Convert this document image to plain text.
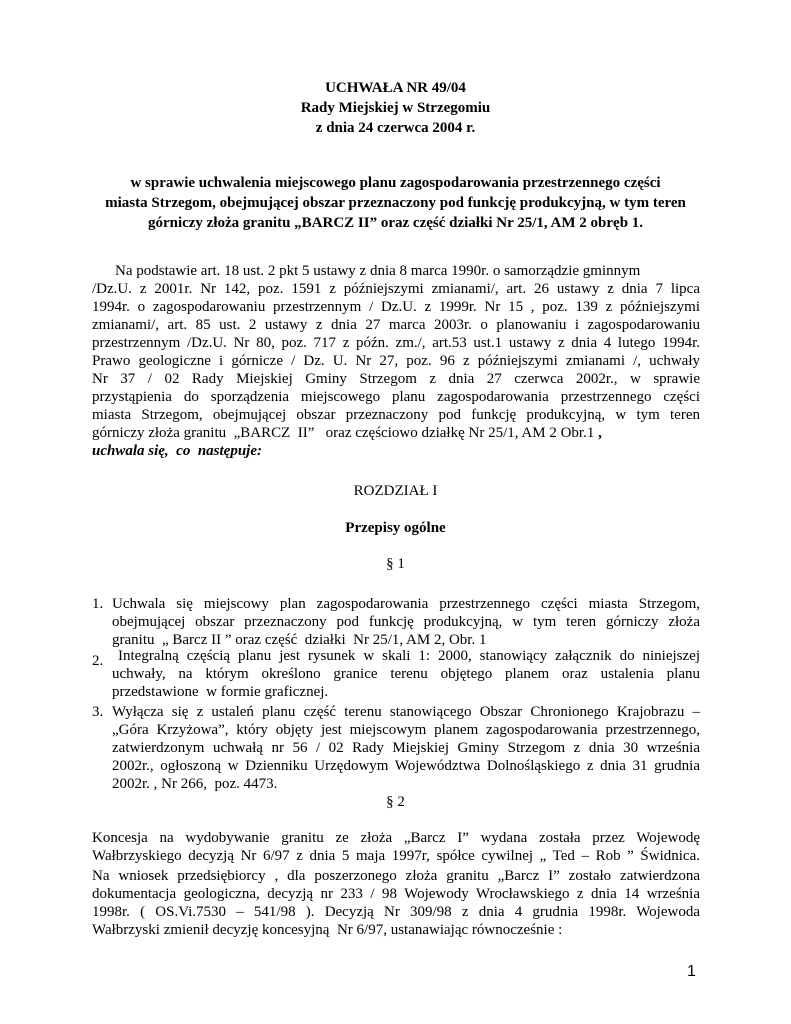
UCHWAŁA NR 49/04
Rady Miejskiej w Strzegomiu
z dnia 24 czerwca 2004 r.
w sprawie uchwalenia miejscowego planu zagospodarowania przestrzennego części
miasta Strzegom, obejmującej obszar przeznaczony pod funkcję produkcyjną, w tym teren
górniczy złoża granitu „BARCZ II” oraz część działki Nr 25/1, AM 2 obręb 1.
Na podstawie art. 18 ust. 2 pkt 5 ustawy z dnia 8 marca 1990r. o samorządzie gminnym
/Dz.U. z 2001r. Nr 142, poz. 1591 z późniejszymi zmianami/, art. 26 ustawy z dnia 7 lipca
1994r. o zagospodarowaniu przestrzennym / Dz.U. z 1999r. Nr 15 , poz. 139 z późniejszymi
zmianami/, art. 85 ust. 2 ustawy z dnia 27 marca 2003r. o planowaniu i zagospodarowaniu
przestrzennym /Dz.U. Nr 80, poz. 717 z późn. zm./, art.53 ust.1 ustawy z dnia 4 lutego 1994r.
Prawo geologiczne i górnicze / Dz. U. Nr 27, poz. 96 z późniejszymi zmianami /, uchwały
Nr 37 / 02 Rady Miejskiej Gminy Strzegom z dnia 27 czerwca 2002r., w sprawie
przystąpienia do sporządzenia miejscowego planu zagospodarowania przestrzennego części
miasta Strzegom, obejmującej obszar przeznaczony pod funkcję produkcyjną, w tym teren
górniczy złoża granitu  „BARCZ  II”   oraz częściowo działkę Nr 25/1, AM 2 Obr.1 ,
uchwala się,  co  następuje:
ROZDZIAŁ I
Przepisy ogólne
§ 1
1. Uchwala się miejscowy plan zagospodarowania przestrzennego części miasta Strzegom,
obejmującej obszar przeznaczony pod funkcję produkcyjną, w tym teren górniczy złoża
granitu  „ Barcz II ” oraz część  działki  Nr 25/1, AM 2, Obr. 1
2. Integralną częścią planu jest rysunek w skali 1: 2000, stanowiący załącznik do niniejszej
uchwały, na którym określono granice terenu objętego planem oraz ustalenia planu
przedstawione  w formie graficznej.
3. Wyłącza się z ustaleń planu część terenu stanowiącego Obszar Chronionego Krajobrazu –
„Góra Krzyżowa”, który objęty jest miejscowym planem zagospodarowania przestrzennego,
zatwierdzonym uchwałą nr 56 / 02 Rady Miejskiej Gminy Strzegom z dnia 30 września
2002r., ogłoszoną w Dzienniku Urzędowym Województwa Dolnośląskiego z dnia 31 grudnia
2002r. , Nr 266,  poz. 4473.
§ 2
Koncesja na wydobywanie granitu ze złoża „Barcz I” wydana została przez Wojewodę
Wałbrzyskiego decyzją Nr 6/97 z dnia 5 maja 1997r, spółce cywilnej „ Ted – Rob ” Świdnica.
Na wniosek przedsiębiorcy , dla poszerzonego złoża granitu „Barcz I” zostało zatwierdzona
dokumentacja geologiczna, decyzją nr 233 / 98 Wojewody Wrocławskiego z dnia 14 września
1998r. ( OS.Vi.7530 – 541/98 ). Decyzją Nr 309/98 z dnia 4 grudnia 1998r. Wojewoda
Wałbrzyski zmienił decyzję koncesyjną  Nr 6/97, ustanawiając równocześnie :
1
